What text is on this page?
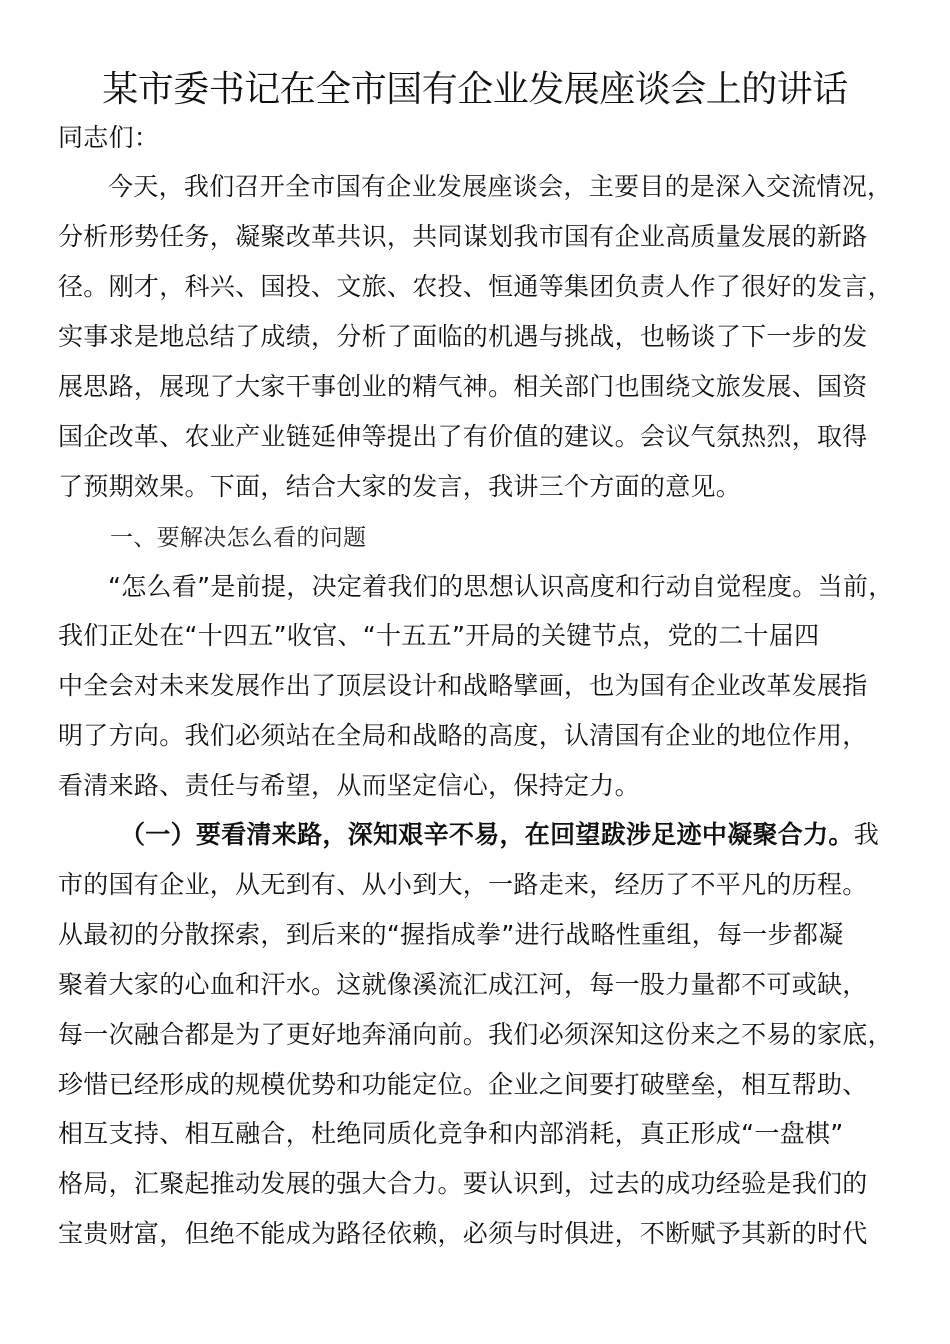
某市委书记在全市国有企业发展座谈会上的讲话
同志们：
今天，我们召开全市国有企业发展座谈会，主要目的是深入交流情况，
分析形势任务，凝聚改革共识，共同谋划我市国有企业高质量发展的新路
径。刚才，科兴、国投、文旅、农投、恒通等集团负责人作了很好的发言，
实事求是地总结了成绩，分析了面临的机遇与挑战，也畅谈了下一步的发
展思路，展现了大家干事创业的精气神。相关部门也围绕文旅发展、国资
国企改革、农业产业链延伸等提出了有价值的建议。会议气氛热烈，取得
了预期效果。下面，结合大家的发言，我讲三个方面的意见。
一、要解决怎么看的问题
“怎么看”是前提，决定着我们的思想认识高度和行动自觉程度。当前，
我们正处在“十四五”收官、“十五五”开局的关键节点，党的二十届四
中全会对未来发展作出了顶层设计和战略擘画，也为国有企业改革发展指
明了方向。我们必须站在全局和战略的高度，认清国有企业的地位作用，
看清来路、责任与希望，从而坚定信心，保持定力。
（一）要看清来路，深知艰辛不易，在回望跋涉足迹中凝聚合力。我
市的国有企业，从无到有、从小到大，一路走来，经历了不平凡的历程。
从最初的分散探索，到后来的“握指成拳”进行战略性重组，每一步都凝
聚着大家的心血和汗水。这就像溪流汇成江河，每一股力量都不可或缺，
每一次融合都是为了更好地奔涌向前。我们必须深知这份来之不易的家底，
珍惜已经形成的规模优势和功能定位。企业之间要打破壁垒，相互帮助、
相互支持、相互融合，杜绝同质化竞争和内部消耗，真正形成“一盘棋”
格局，汇聚起推动发展的强大合力。要认识到，过去的成功经验是我们的
宝贵财富，但绝不能成为路径依赖，必须与时俱进，不断赋予其新的时代
